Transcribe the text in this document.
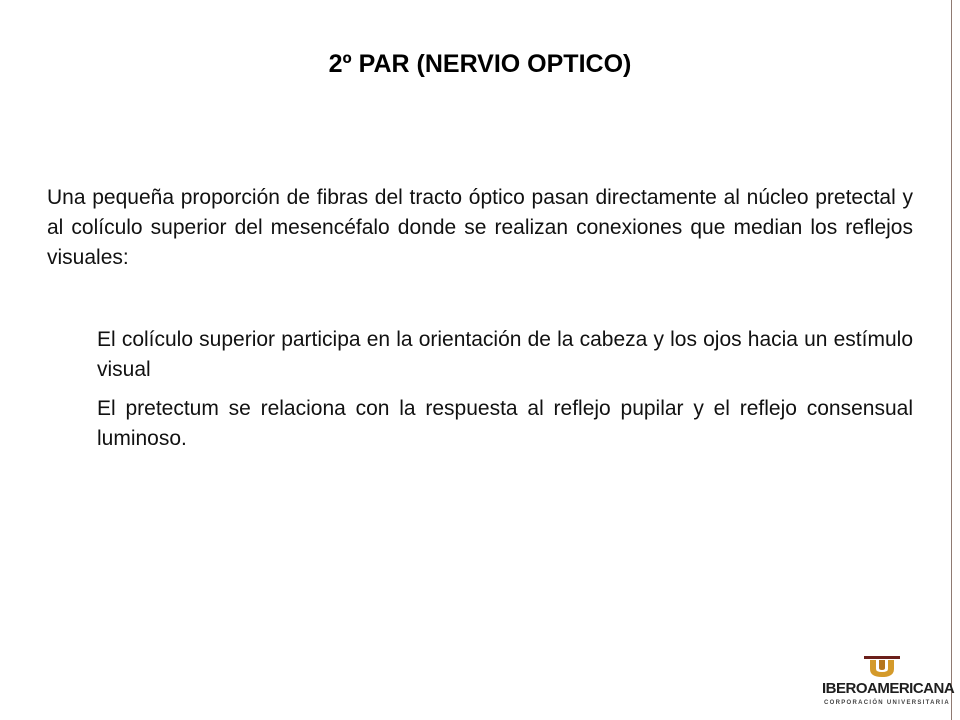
2º PAR (NERVIO OPTICO)

Una pequeña proporción de fibras del tracto óptico pasan directamente al núcleo pretectal y al colículo superior del mesencéfalo donde se realizan conexiones que median los reflejos visuales:

El colículo superior participa en la orientación de la cabeza y los ojos hacia un estímulo visual

El pretectum se relaciona con la respuesta al reflejo pupilar y el reflejo consensual luminoso.

IBEROAMERICANA
CORPORACIÓN UNIVERSITARIA
